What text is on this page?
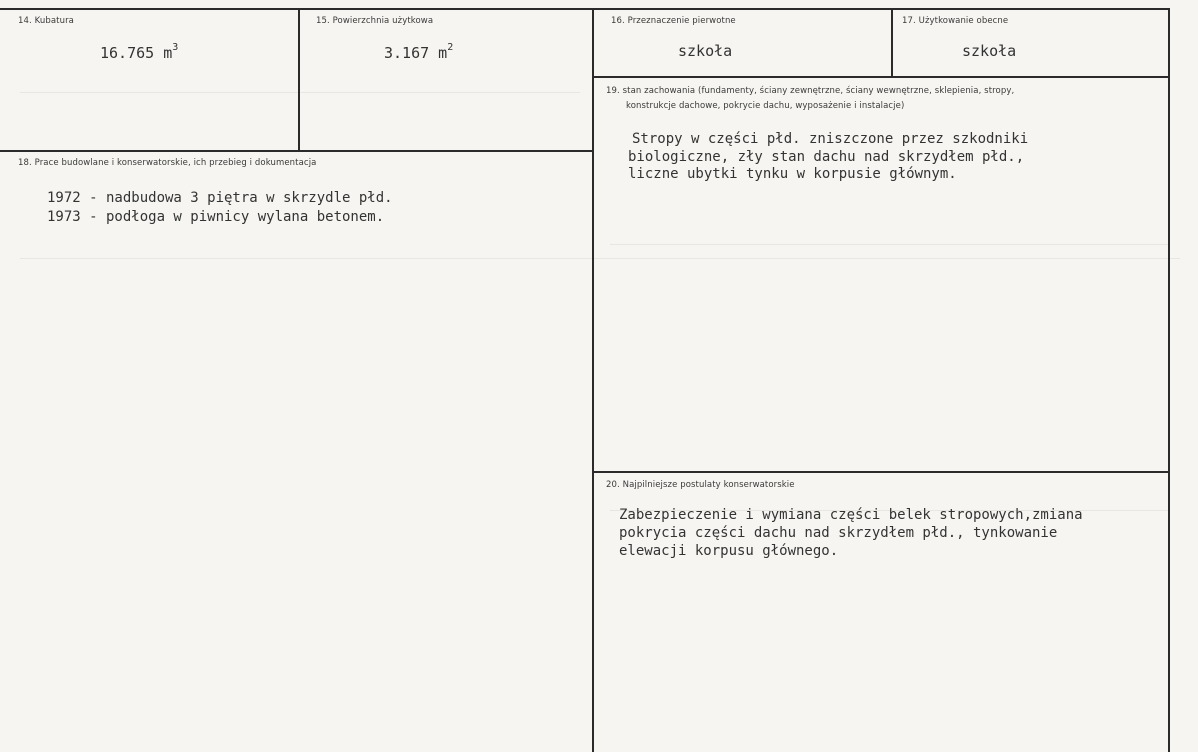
14. Kubatura
16.765 $m^3$
15. Powierzchnia użytkowa
3.167 $m^2$
16. Przeznaczenie pierwotne
szkoła
17. Użytkowanie obecne
szkoła
18. Prace budowlane i konserwatorskie, ich przebieg i dokumentacja
1972 - nadbudowa 3 piętra w skrzydle płd.
1973 - podłoga w piwnicy wylana betonem.
19. stan zachowania (fundamenty, ściany zewnętrzne, ściany wewnętrzne, sklepienia, stropy,
konstrukcje dachowe, pokrycie dachu, wyposażenie i instalacje)
Stropy w części płd. zniszczone przez szkodniki
biologiczne, zły stan dachu nad skrzydłem płd.,
liczne ubytki tynku w korpusie głównym.
20. Najpilniejsze postulaty konserwatorskie
Zabezpieczenie i wymiana części belek stropowych,zmiana
pokrycia części dachu nad skrzydłem płd., tynkowanie
elewacji korpusu głównego.
